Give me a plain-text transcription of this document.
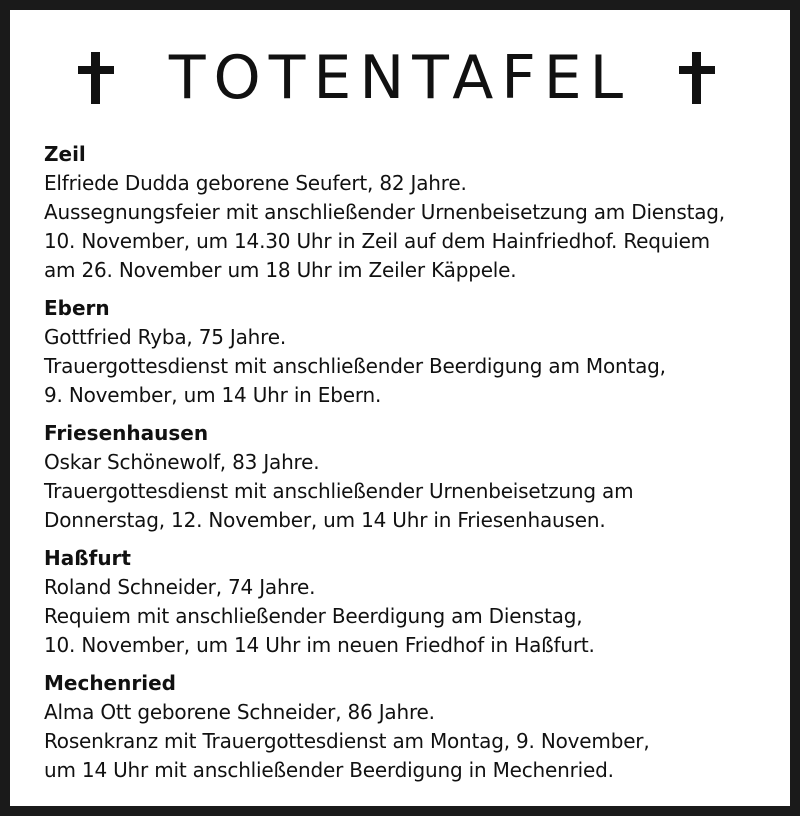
TOTENTAFEL
Zeil
Elfriede Dudda geborene Seufert, 82 Jahre.
Aussegnungsfeier mit anschließender Urnenbeisetzung am Dienstag,
10. November, um 14.30 Uhr in Zeil auf dem Hainfriedhof. Requiem
am 26. November um 18 Uhr im Zeiler Käppele.
Ebern
Gottfried Ryba, 75 Jahre.
Trauergottesdienst mit anschließender Beerdigung am Montag,
9. November, um 14 Uhr in Ebern.
Friesenhausen
Oskar Schönewolf, 83 Jahre.
Trauergottesdienst mit anschließender Urnenbeisetzung am
Donnerstag, 12. November, um 14 Uhr in Friesenhausen.
Haßfurt
Roland Schneider, 74 Jahre.
Requiem mit anschließender Beerdigung am Dienstag,
10. November, um 14 Uhr im neuen Friedhof in Haßfurt.
Mechenried
Alma Ott geborene Schneider, 86 Jahre.
Rosenkranz mit Trauergottesdienst am Montag, 9. November,
um 14 Uhr mit anschließender Beerdigung in Mechenried.
